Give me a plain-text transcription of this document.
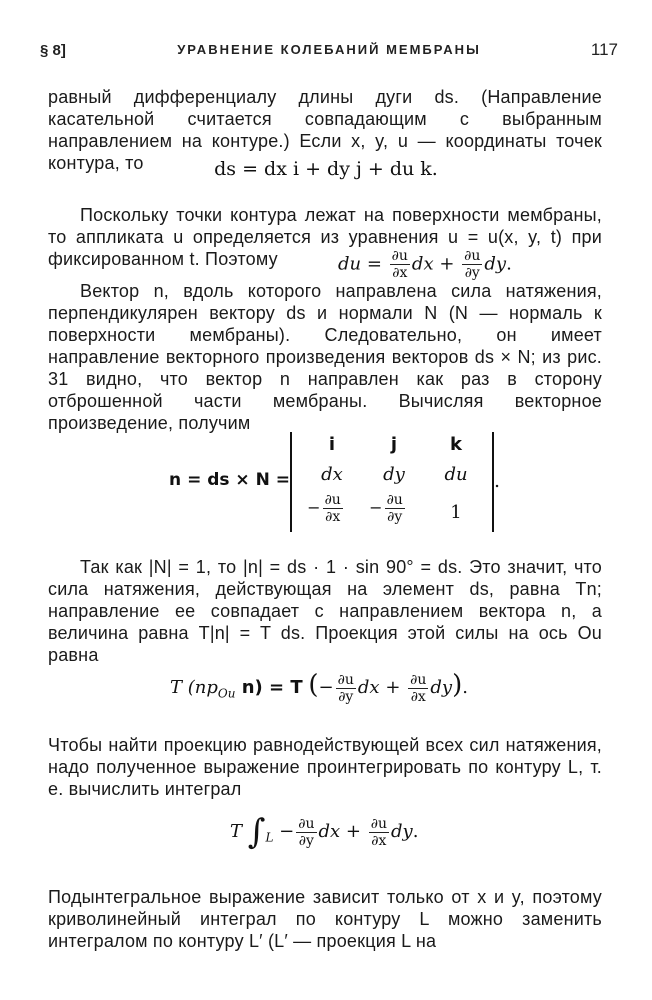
§ 8]	УРАВНЕНИЕ КОЛЕБАНИЙ МЕМБРАНЫ	117
равный дифференциалу длины дуги ds. (Направление касательной считается совпадающим с выбранным направлением на контуре.) Если x, y, u — координаты точек контура, то	ds = dx i + dy j + du k.
Поскольку точки контура лежат на поверхности мембраны, то аппликата u определяется из уравнения u = u(x, y, t) при фиксированном t. Поэтому	du = $\frac{\partial u}{\partial x}$ dx + $\frac{\partial u}{\partial y}$ dy.
Вектор n, вдоль которого направлена сила натяжения, перпендикулярен вектору ds и нормали N (N — нормаль к поверхности мембраны). Следовательно, он имеет направление векторного произведения векторов ds × N; из рис. 31 видно, что вектор n направлен как раз в сторону отброшенной части мембраны. Вычисляя векторное произведение, получим
n = ds × N =
i	j	k
dx	dy	du
− $\frac{\partial u}{\partial x}$	− $\frac{\partial u}{\partial y}$	1
.
Так как |N| = 1, то |n| = ds · 1 · sin 90° = ds. Это значит, что сила натяжения, действующая на элемент ds, равна Tn; направление ее совпадает с направлением вектора n, а величина равна T|n| = T ds. Проекция этой силы на ось Ou равна
T ($пр_{Ou}$ n) = T (− $\frac{\partial u}{\partial y}$ dx + $\frac{\partial u}{\partial x} dy$).
Чтобы найти проекцию равнодействующей всех сил натяжения, надо полученное выражение проинтегрировать по контуру L, т. е. вычислить интеграл
T $\int_L - \frac{\partial u}{\partial y}$ dx + $\frac{\partial u}{\partial x}$ dy.
Подынтегральное выражение зависит только от x и y, поэтому криволинейный интеграл по контуру L можно заменить интегралом по контуру L′ (L′ — проекция L на
